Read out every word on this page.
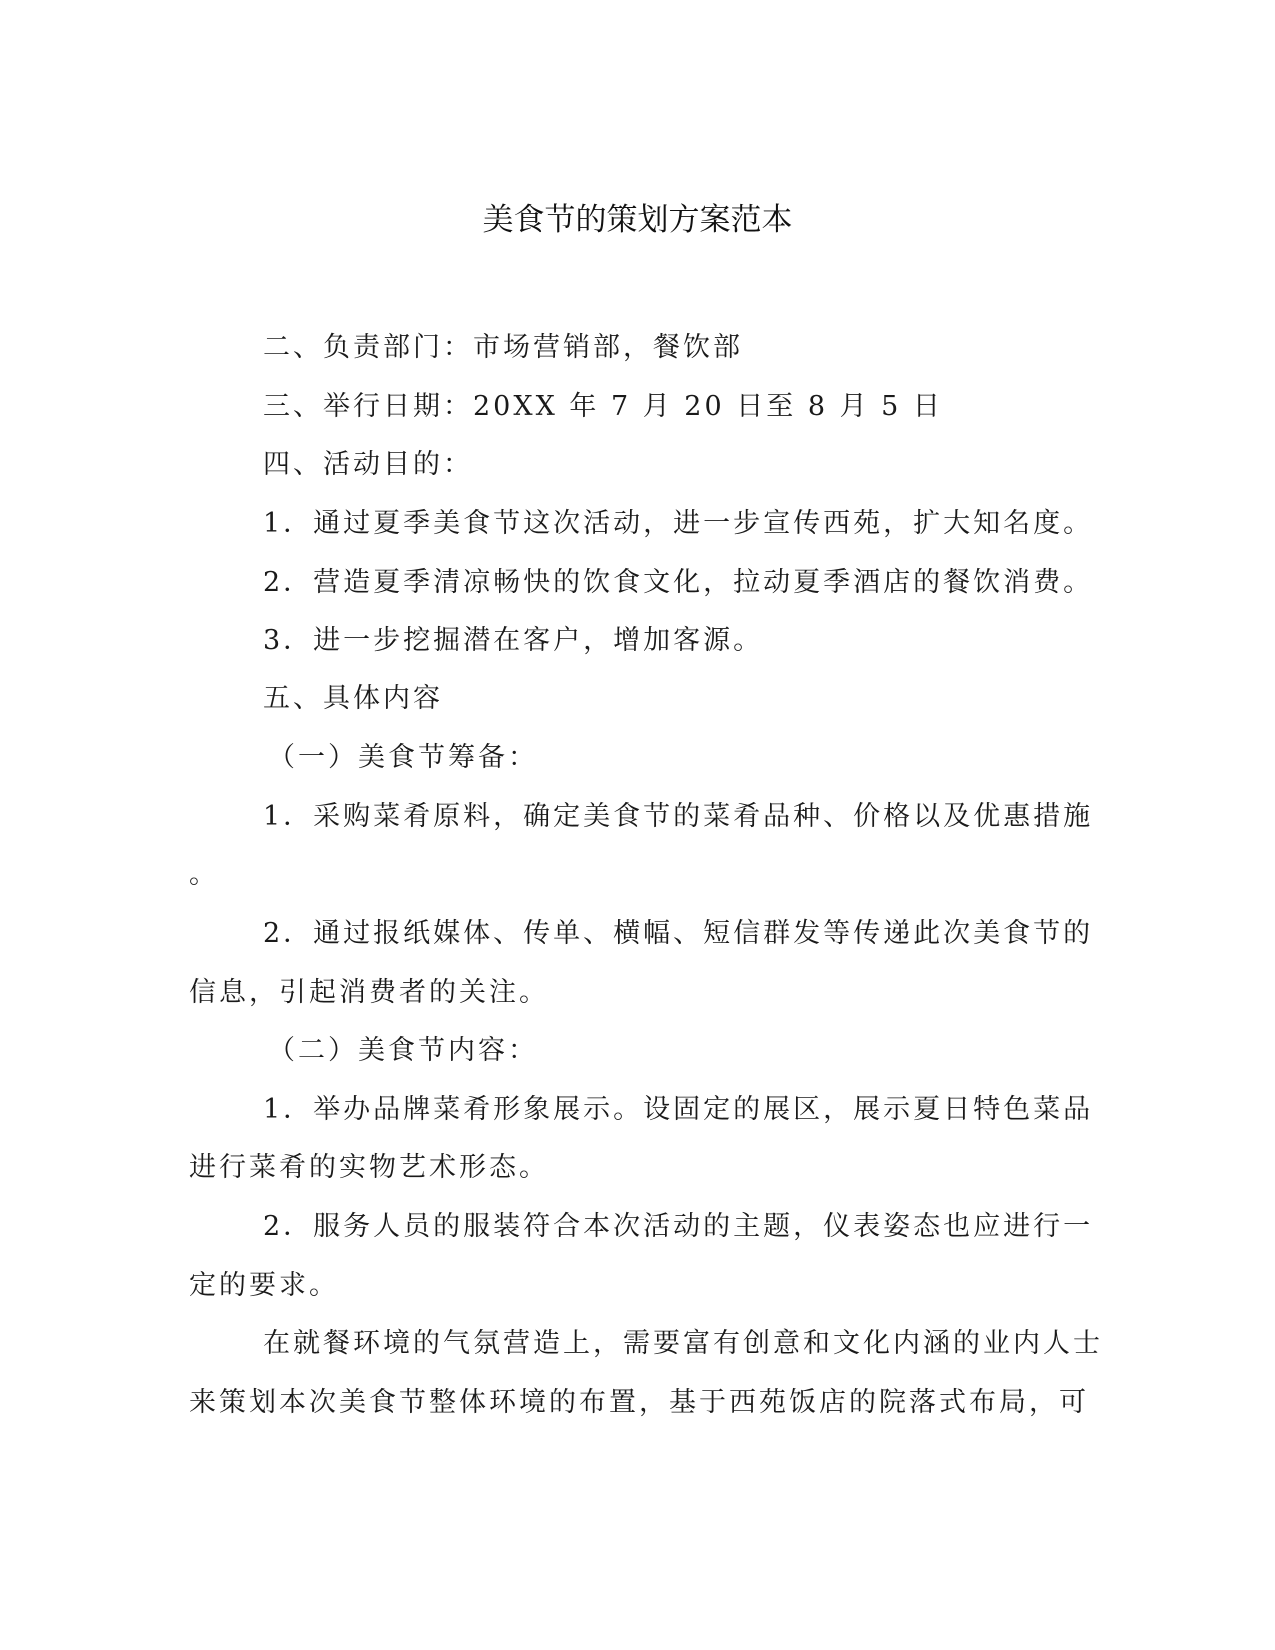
美食节的策划方案范本
二、负责部门：市场营销部，餐饮部
三、举行日期：20XX 年 7 月 20 日至 8 月 5 日
四、活动目的：
1．通过夏季美食节这次活动，进一步宣传西苑，扩大知名度。
2．营造夏季清凉畅快的饮食文化，拉动夏季酒店的餐饮消费。
3．进一步挖掘潜在客户，增加客源。
五、具体内容
（一）美食节筹备：
1．采购菜肴原料，确定美食节的菜肴品种、价格以及优惠措施
。
2．通过报纸媒体、传单、横幅、短信群发等传递此次美食节的
信息，引起消费者的关注。
（二）美食节内容：
1．举办品牌菜肴形象展示。设固定的展区，展示夏日特色菜品
进行菜肴的实物艺术形态。
2．服务人员的服装符合本次活动的主题，仪表姿态也应进行一
定的要求。
在就餐环境的气氛营造上，需要富有创意和文化内涵的业内人士
来策划本次美食节整体环境的布置，基于西苑饭店的院落式布局，可
